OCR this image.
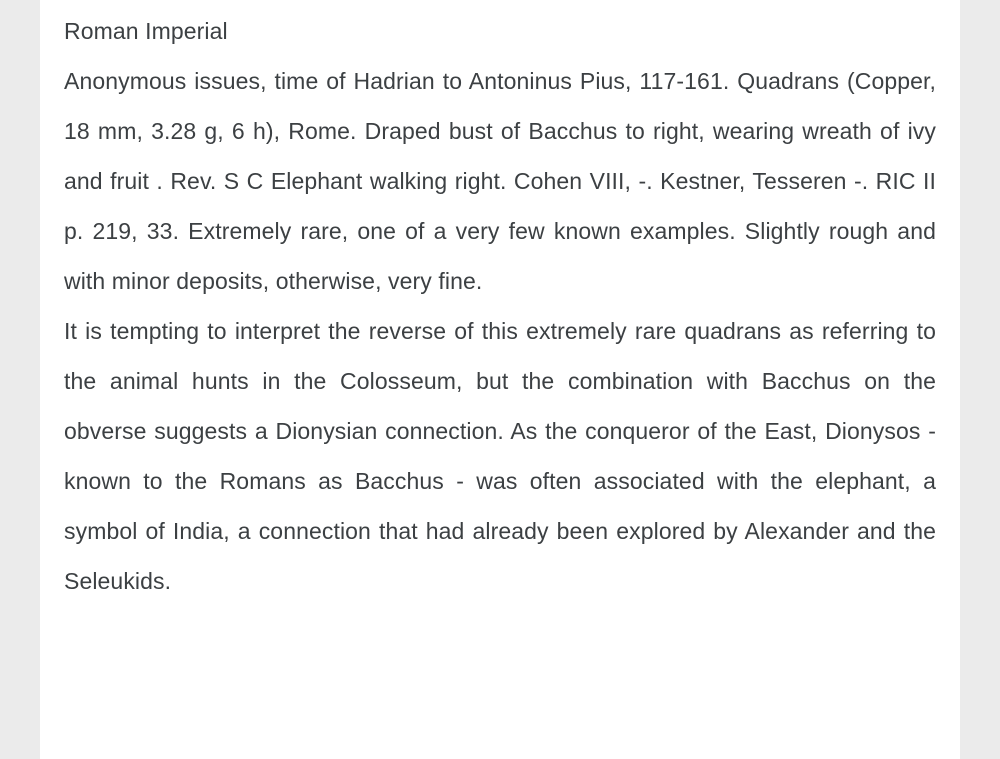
Roman Imperial

Anonymous issues, time of Hadrian to Antoninus Pius, 117-161. Quadrans (Copper, 18 mm, 3.28 g, 6 h), Rome. Draped bust of Bacchus to right, wearing wreath of ivy and fruit . Rev. S C Elephant walking right. Cohen VIII, -. Kestner, Tesseren -. RIC II p. 219, 33. Extremely rare, one of a very few known examples. Slightly rough and with minor deposits, otherwise, very fine.

It is tempting to interpret the reverse of this extremely rare quadrans as referring to the animal hunts in the Colosseum, but the combination with Bacchus on the obverse suggests a Dionysian connection. As the conqueror of the East, Dionysos - known to the Romans as Bacchus - was often associated with the elephant, a symbol of India, a connection that had already been explored by Alexander and the Seleukids.
